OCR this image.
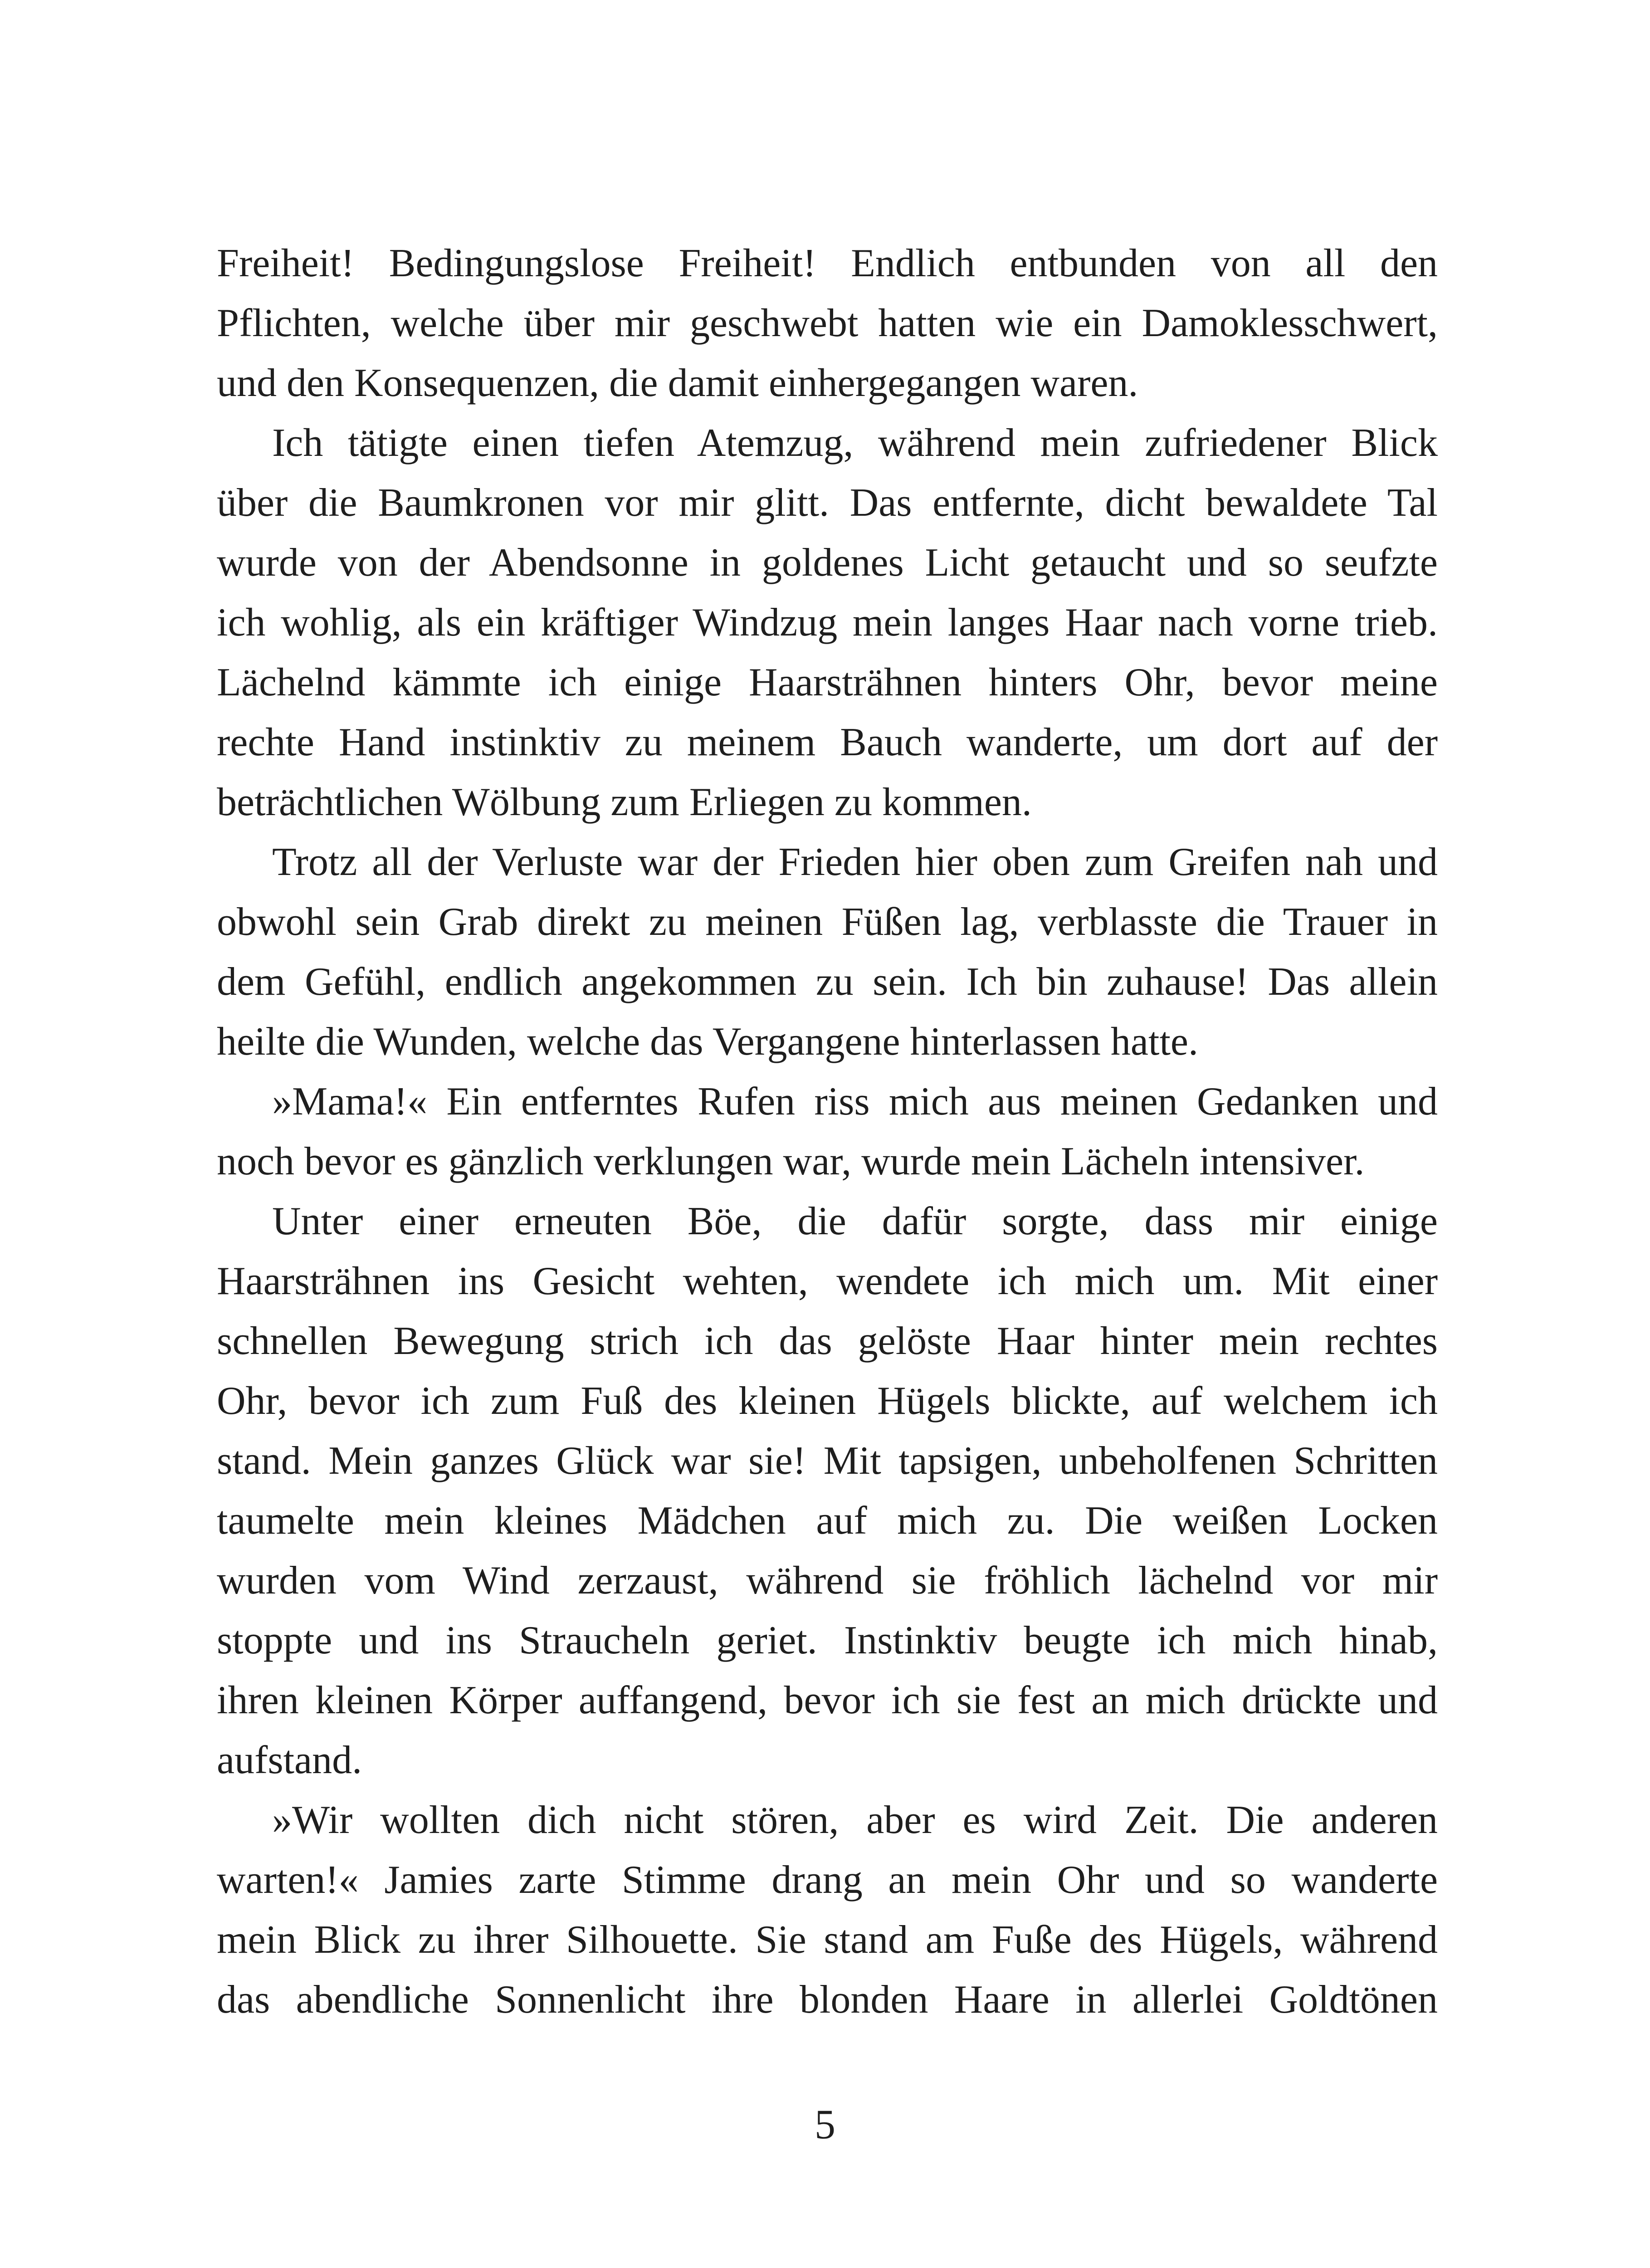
Freiheit! Bedingungslose Freiheit! Endlich entbunden von all den
Pflichten, welche über mir geschwebt hatten wie ein Damoklesschwert,
und den Konsequenzen, die damit einhergegangen waren.
Ich tätigte einen tiefen Atemzug, während mein zufriedener Blick
über die Baumkronen vor mir glitt. Das entfernte, dicht bewaldete Tal
wurde von der Abendsonne in goldenes Licht getaucht und so seufzte
ich wohlig, als ein kräftiger Windzug mein langes Haar nach vorne trieb.
Lächelnd kämmte ich einige Haarsträhnen hinters Ohr, bevor meine
rechte Hand instinktiv zu meinem Bauch wanderte, um dort auf der
beträchtlichen Wölbung zum Erliegen zu kommen.
Trotz all der Verluste war der Frieden hier oben zum Greifen nah und
obwohl sein Grab direkt zu meinen Füßen lag, verblasste die Trauer in
dem Gefühl, endlich angekommen zu sein. Ich bin zuhause! Das allein
heilte die Wunden, welche das Vergangene hinterlassen hatte.
»Mama!« Ein entferntes Rufen riss mich aus meinen Gedanken und
noch bevor es gänzlich verklungen war, wurde mein Lächeln intensiver.
Unter einer erneuten Böe, die dafür sorgte, dass mir einige
Haarsträhnen ins Gesicht wehten, wendete ich mich um. Mit einer
schnellen Bewegung strich ich das gelöste Haar hinter mein rechtes
Ohr, bevor ich zum Fuß des kleinen Hügels blickte, auf welchem ich
stand. Mein ganzes Glück war sie! Mit tapsigen, unbeholfenen Schritten
taumelte mein kleines Mädchen auf mich zu. Die weißen Locken
wurden vom Wind zerzaust, während sie fröhlich lächelnd vor mir
stoppte und ins Straucheln geriet. Instinktiv beugte ich mich hinab,
ihren kleinen Körper auffangend, bevor ich sie fest an mich drückte und
aufstand.
»Wir wollten dich nicht stören, aber es wird Zeit. Die anderen
warten!« Jamies zarte Stimme drang an mein Ohr und so wanderte
mein Blick zu ihrer Silhouette. Sie stand am Fuße des Hügels, während
das abendliche Sonnenlicht ihre blonden Haare in allerlei Goldtönen
5
